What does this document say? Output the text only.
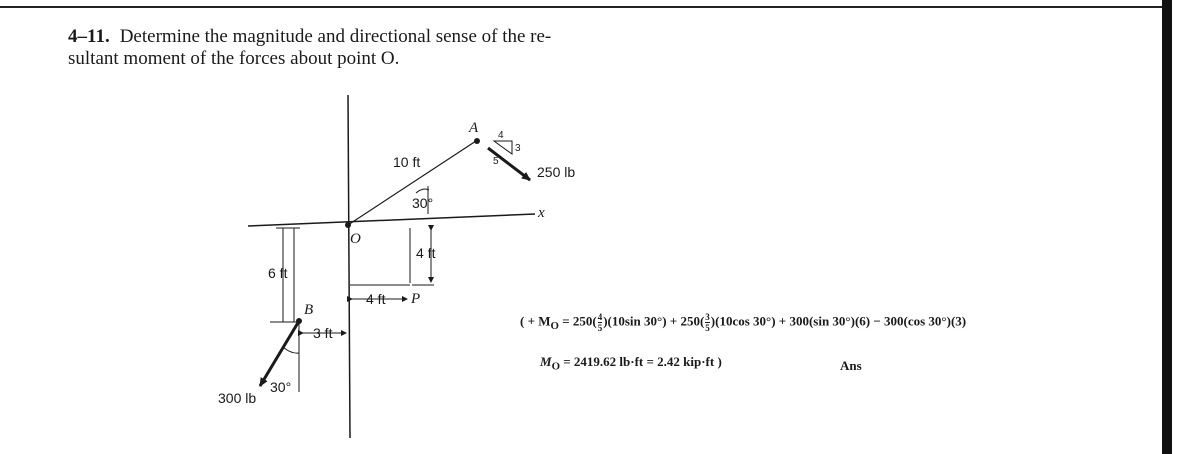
4–11. Determine the magnitude and directional sense of the re-
sultant moment of the forces about point O.
A
O
B
P
x
10 ft
30°
4 ft
6 ft
4 ft
3 ft
30°
250 lb
300 lb
4
3
5
( + $M_O = 250( \frac{4}{5} )(10\sin$ $30^\circ) + 250( \frac{3}{5} )(10\cos$ 30°) + 300(sin 30°)(6) − 300(cos 30°)(3)
$M_O = 2419.62$ lb·ft = 2.42 kip·ft )	Ans
